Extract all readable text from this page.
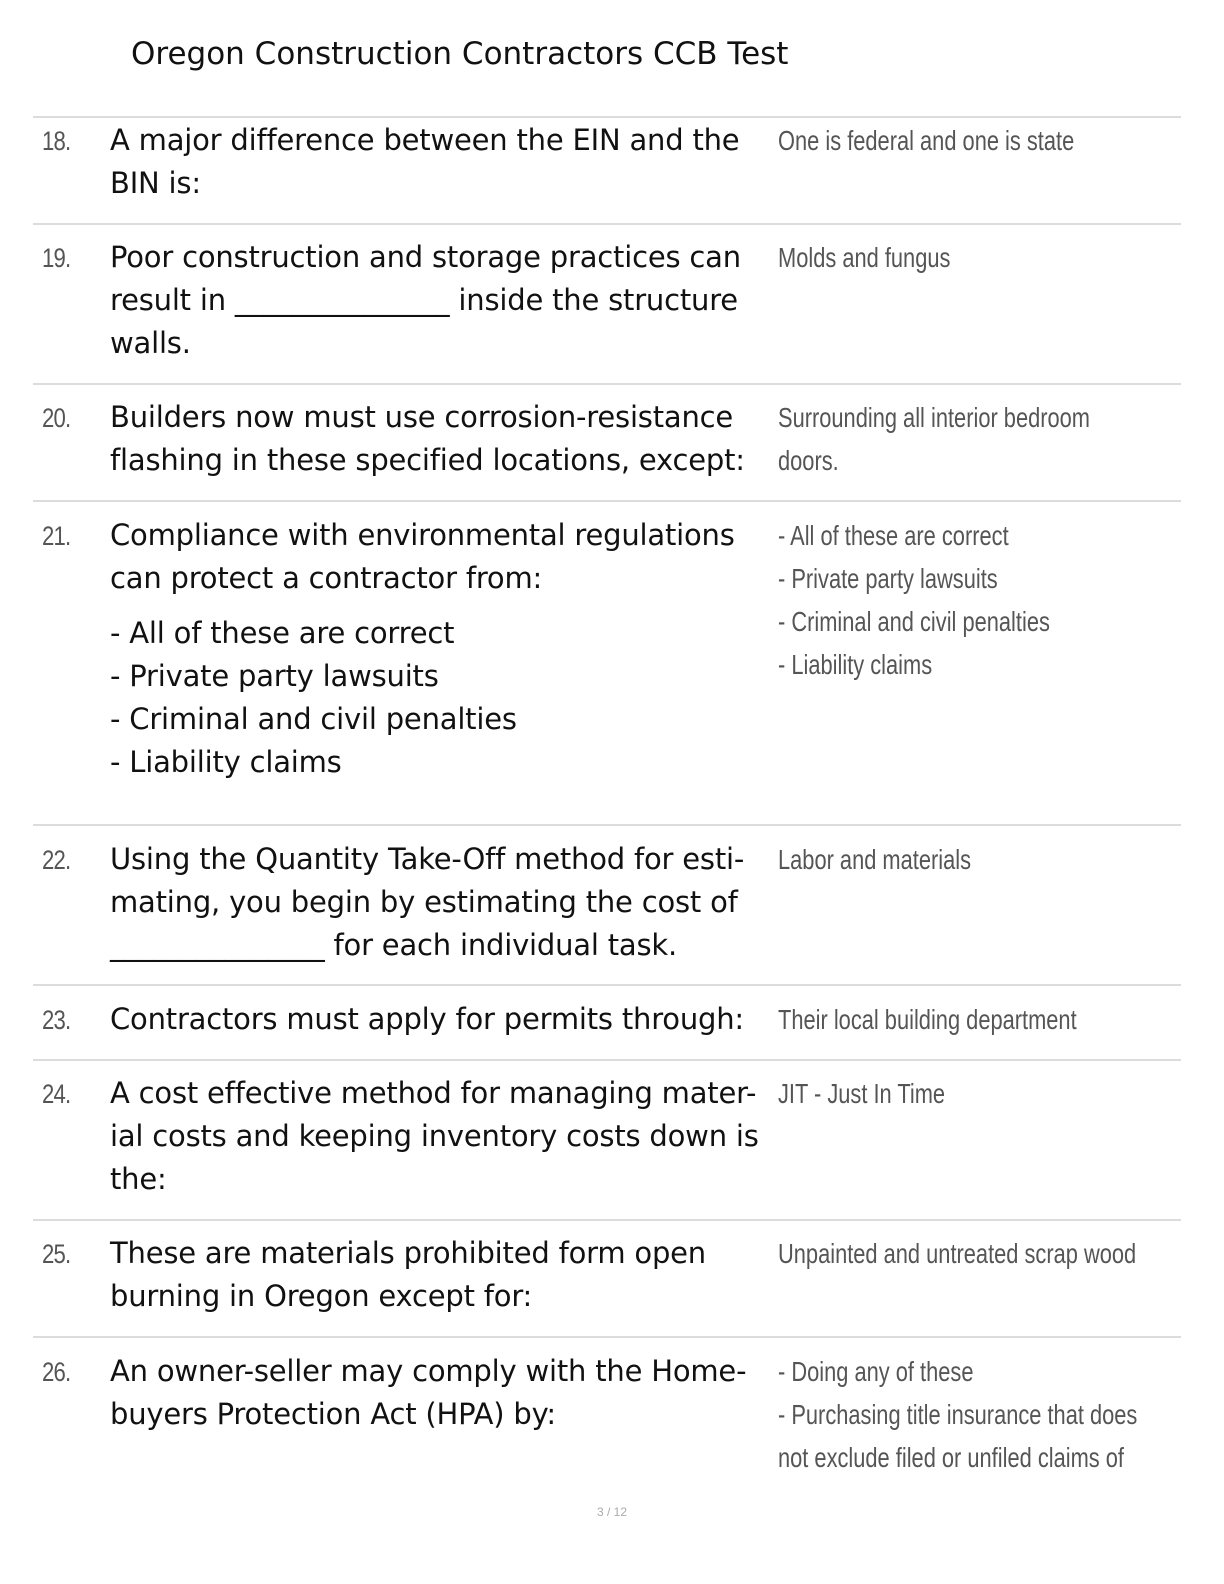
Oregon Construction Contractors CCB Test
18. A major difference between the EIN and the
BIN is:
One is federal and one is state
19. Poor construction and storage practices can
result in _______________ inside the structure
walls.
Molds and fungus
20. Builders now must use corrosion-resistance
flashing in these specified locations, except:
Surrounding all interior bedroom
doors.
21. Compliance with environmental regulations
can protect a contractor from:
- All of these are correct
- Private party lawsuits
- Criminal and civil penalties
- Liability claims
- All of these are correct
- Private party lawsuits
- Criminal and civil penalties
- Liability claims
22. Using the Quantity Take-Off method for esti-
mating, you begin by estimating the cost of
_______________ for each individual task.
Labor and materials
23. Contractors must apply for permits through:	Their local building department
24. A cost effective method for managing mater-
ial costs and keeping inventory costs down is
the:
JIT - Just In Time
25. These are materials prohibited form open
burning in Oregon except for:
Unpainted and untreated scrap wood
26. An owner-seller may comply with the Home-
buyers Protection Act (HPA) by:
- Doing any of these
- Purchasing title insurance that does
not exclude filed or unfiled claims of
3 / 12
